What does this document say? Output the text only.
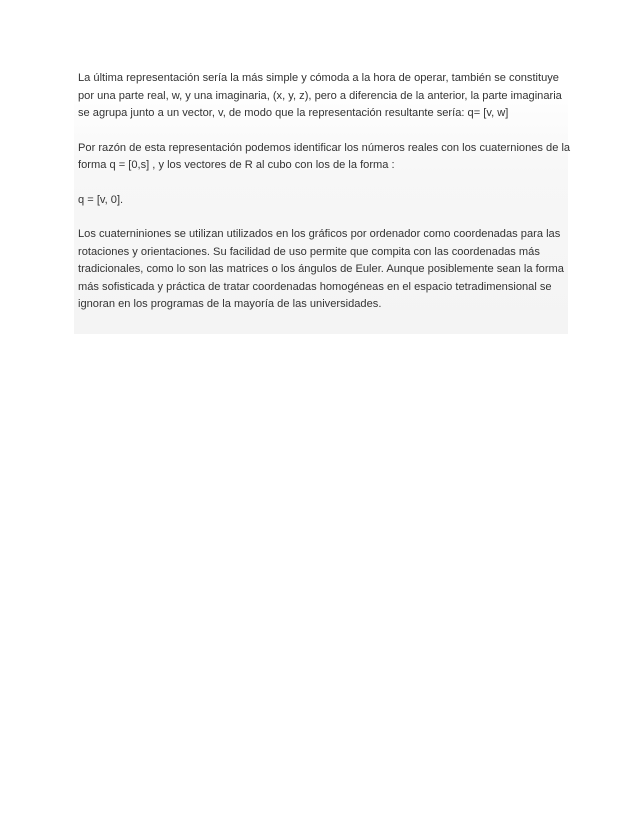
La última representación sería la más simple y cómoda a la hora de operar, también se constituye
por una parte real, w, y una imaginaria, (x, y, z), pero a diferencia de la anterior, la parte imaginaria
se agrupa junto a un vector, v, de modo que la representación resultante sería: q= [v, w]

Por razón de esta representación podemos identificar los números reales con los cuaterniones de la
forma q = [0,s] , y los vectores de R al cubo con los de la forma :

q = [v, 0].

Los cuaterniniones se utilizan utilizados en los gráficos por ordenador como coordenadas para las
rotaciones y orientaciones. Su facilidad de uso permite que compita con las coordenadas más
tradicionales, como lo son las matrices o los ángulos de Euler. Aunque posiblemente sean la forma
más sofisticada y práctica de tratar coordenadas homogéneas en el espacio tetradimensional se
ignoran en los programas de la mayoría de las universidades.
